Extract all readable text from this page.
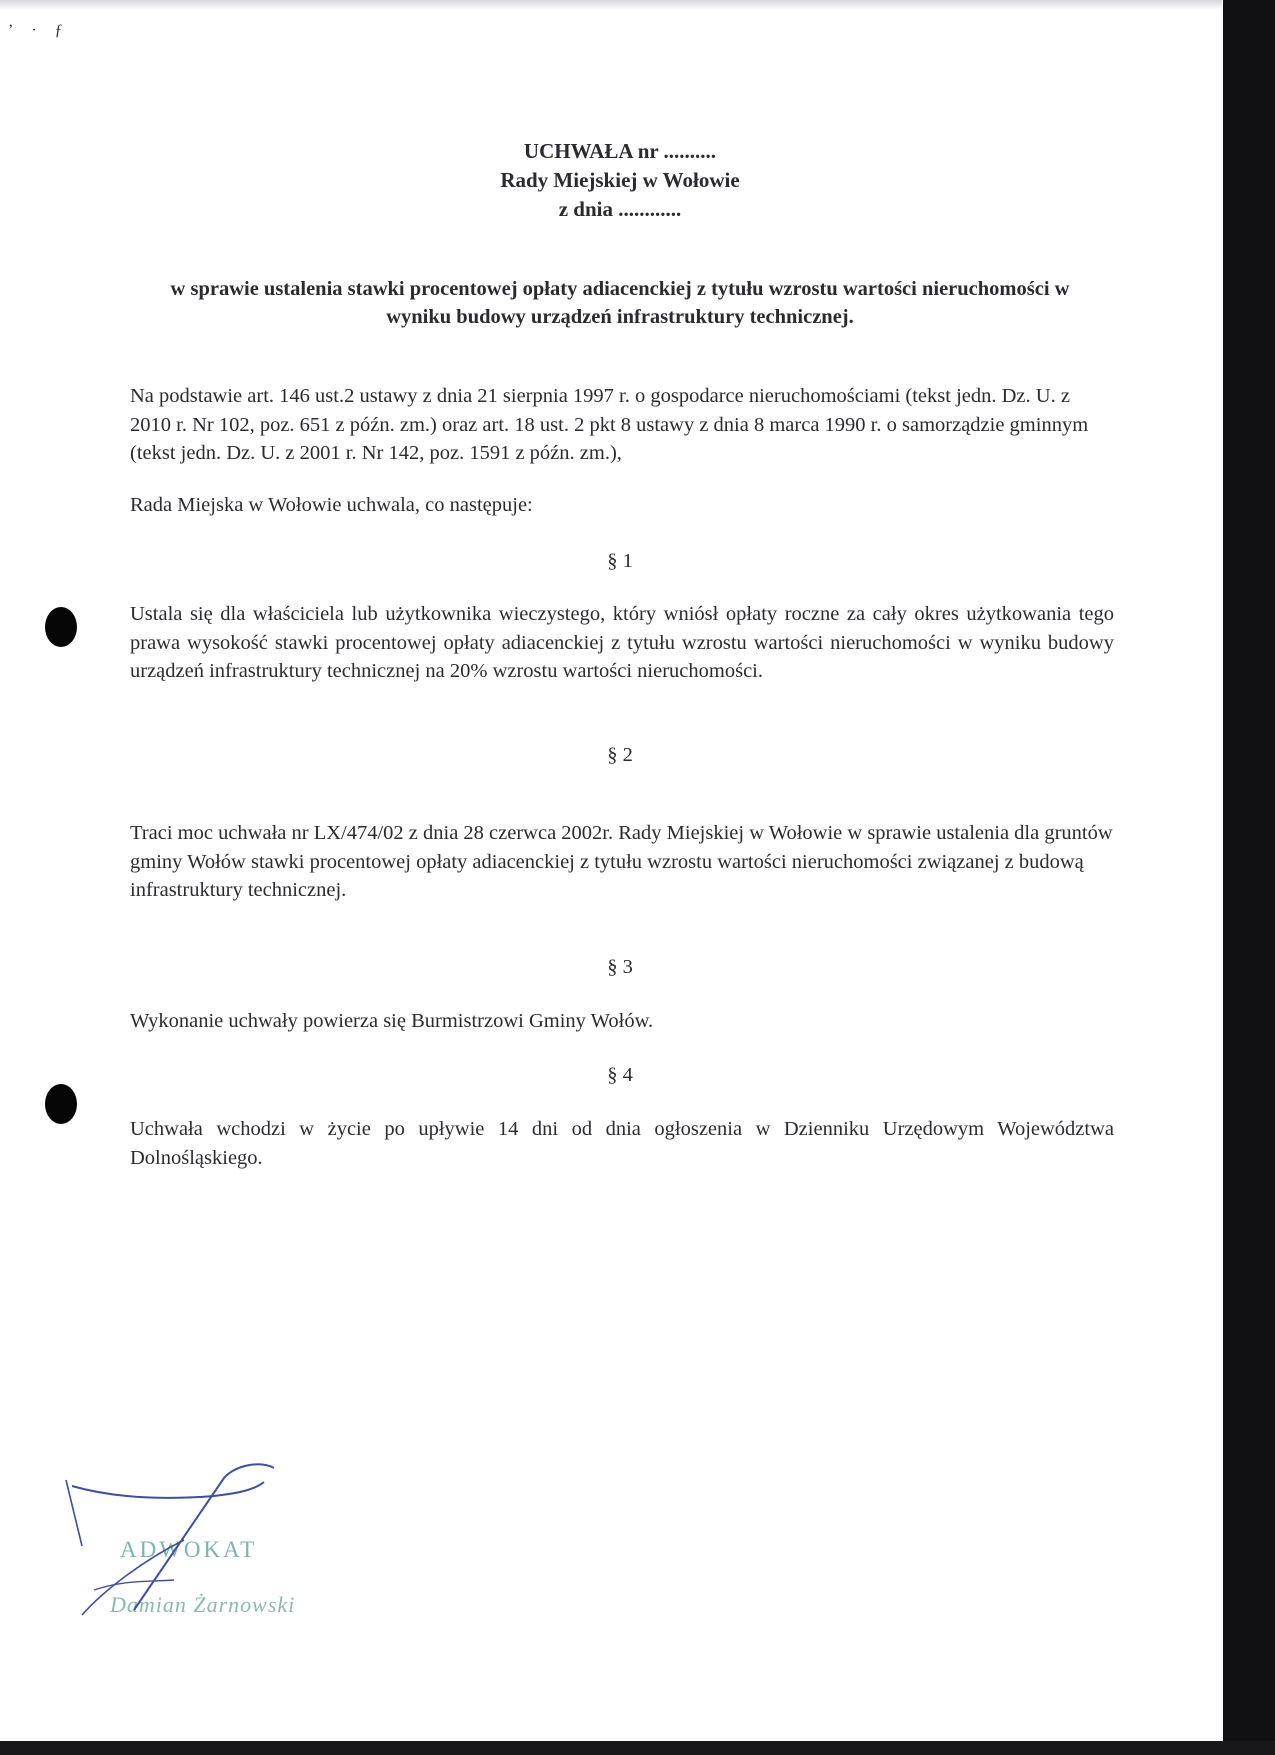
ʼ·ƒ
UCHWAŁA nr ..........
Rady Miejskiej w Wołowie
z dnia ............
w sprawie ustalenia stawki procentowej opłaty adiacenckiej z tytułu wzrostu wartości nieruchomości w wyniku budowy urządzeń infrastruktury technicznej.
Na podstawie art. 146 ust.2 ustawy z dnia 21 sierpnia 1997 r. o gospodarce nieruchomościami (tekst jedn. Dz. U. z 2010 r. Nr 102, poz. 651 z późn. zm.) oraz art. 18 ust. 2 pkt 8 ustawy z dnia 8 marca 1990 r. o samorządzie gminnym (tekst jedn. Dz. U. z 2001 r. Nr 142, poz. 1591 z późn. zm.),
Rada Miejska w Wołowie uchwala, co następuje:
§ 1
Ustala się dla właściciela lub użytkownika wieczystego, który wniósł opłaty roczne za cały okres użytkowania tego prawa wysokość stawki procentowej opłaty adiacenckiej z tytułu wzrostu wartości nieruchomości w wyniku budowy urządzeń infrastruktury technicznej na 20% wzrostu wartości nieruchomości.
§ 2
Traci moc uchwała nr LX/474/02 z dnia 28 czerwca 2002r. Rady Miejskiej w Wołowie w sprawie ustalenia dla gruntów gminy Wołów stawki procentowej opłaty adiacenckiej z tytułu wzrostu wartości nieruchomości związanej z budową infrastruktury technicznej.
§ 3
Wykonanie uchwały powierza się Burmistrzowi Gminy Wołów.
§ 4
Uchwała wchodzi w życie po upływie 14 dni od dnia ogłoszenia w Dzienniku Urzędowym Województwa Dolnośląskiego.
ADWOKAT
Damian Żarnowski
